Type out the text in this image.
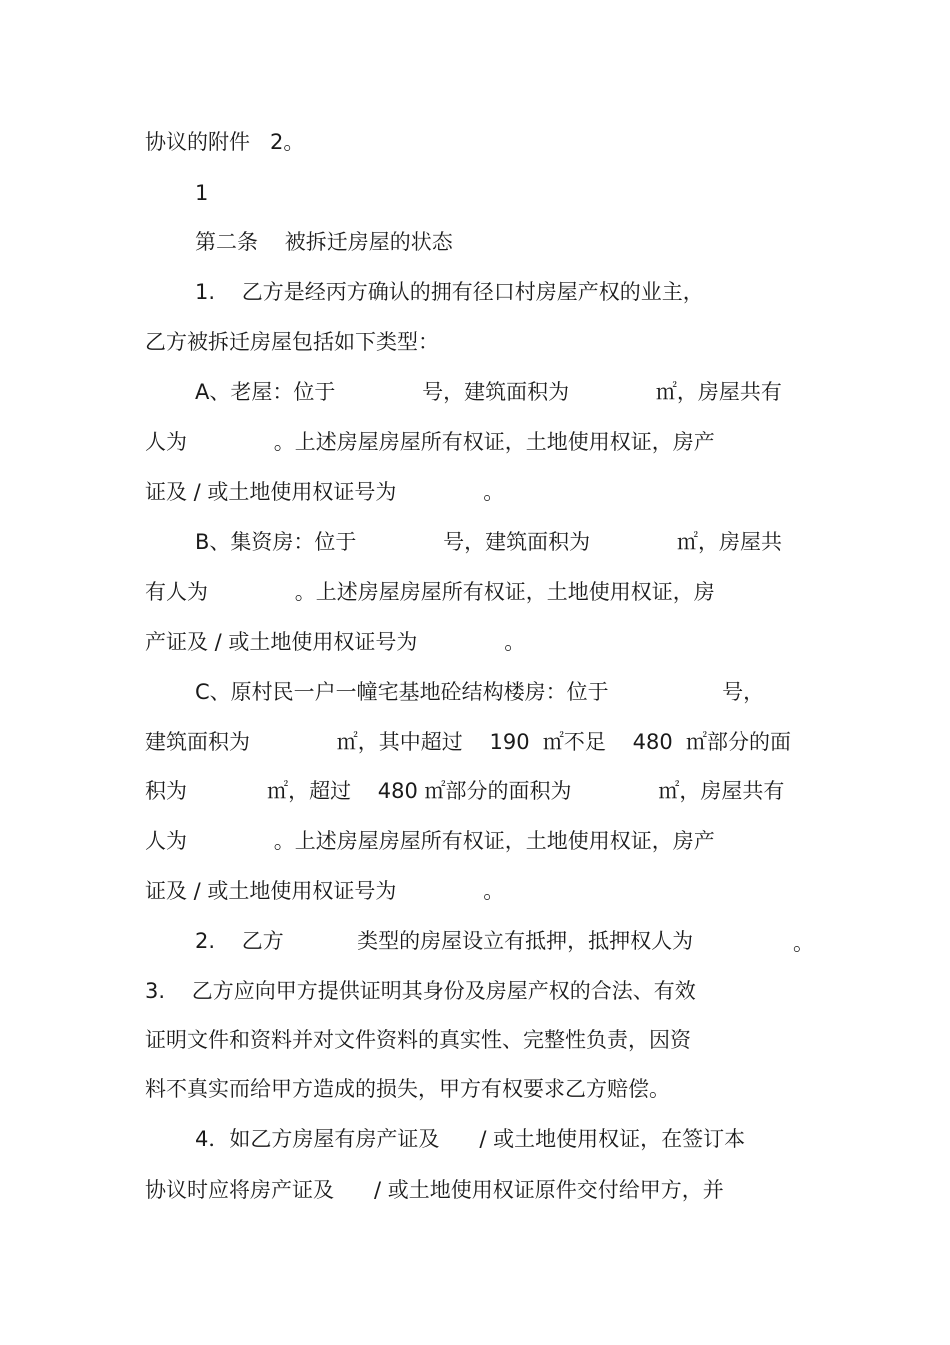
协议的附件   2。
1
第二条    被拆迁房屋的状态
1.    乙方是经丙方确认的拥有径口村房屋产权的业主，
乙方被拆迁房屋包括如下类型：
A、老屋：位于             号，建筑面积为             ㎡，房屋共有
人为             。上述房屋房屋所有权证，土地使用权证，房产
证及 / 或土地使用权证号为             。
B、集资房：位于             号，建筑面积为             ㎡，房屋共
有人为             。上述房屋房屋所有权证，土地使用权证，房
产证及 / 或土地使用权证号为             。
C、原村民一户一幢宅基地砼结构楼房：位于                 号，
建筑面积为             ㎡，其中超过    190  ㎡不足    480  ㎡部分的面
积为            ㎡，超过    480 ㎡部分的面积为             ㎡，房屋共有
人为             。上述房屋房屋所有权证，土地使用权证，房产
证及 / 或土地使用权证号为             。
2.    乙方           类型的房屋设立有抵押，抵押权人为	。
3.    乙方应向甲方提供证明其身份及房屋产权的合法、有效
证明文件和资料并对文件资料的真实性、完整性负责，因资
料不真实而给甲方造成的损失，甲方有权要求乙方赔偿。
4．如乙方房屋有房产证及      / 或土地使用权证，在签订本
协议时应将房产证及      / 或土地使用权证原件交付给甲方，并
